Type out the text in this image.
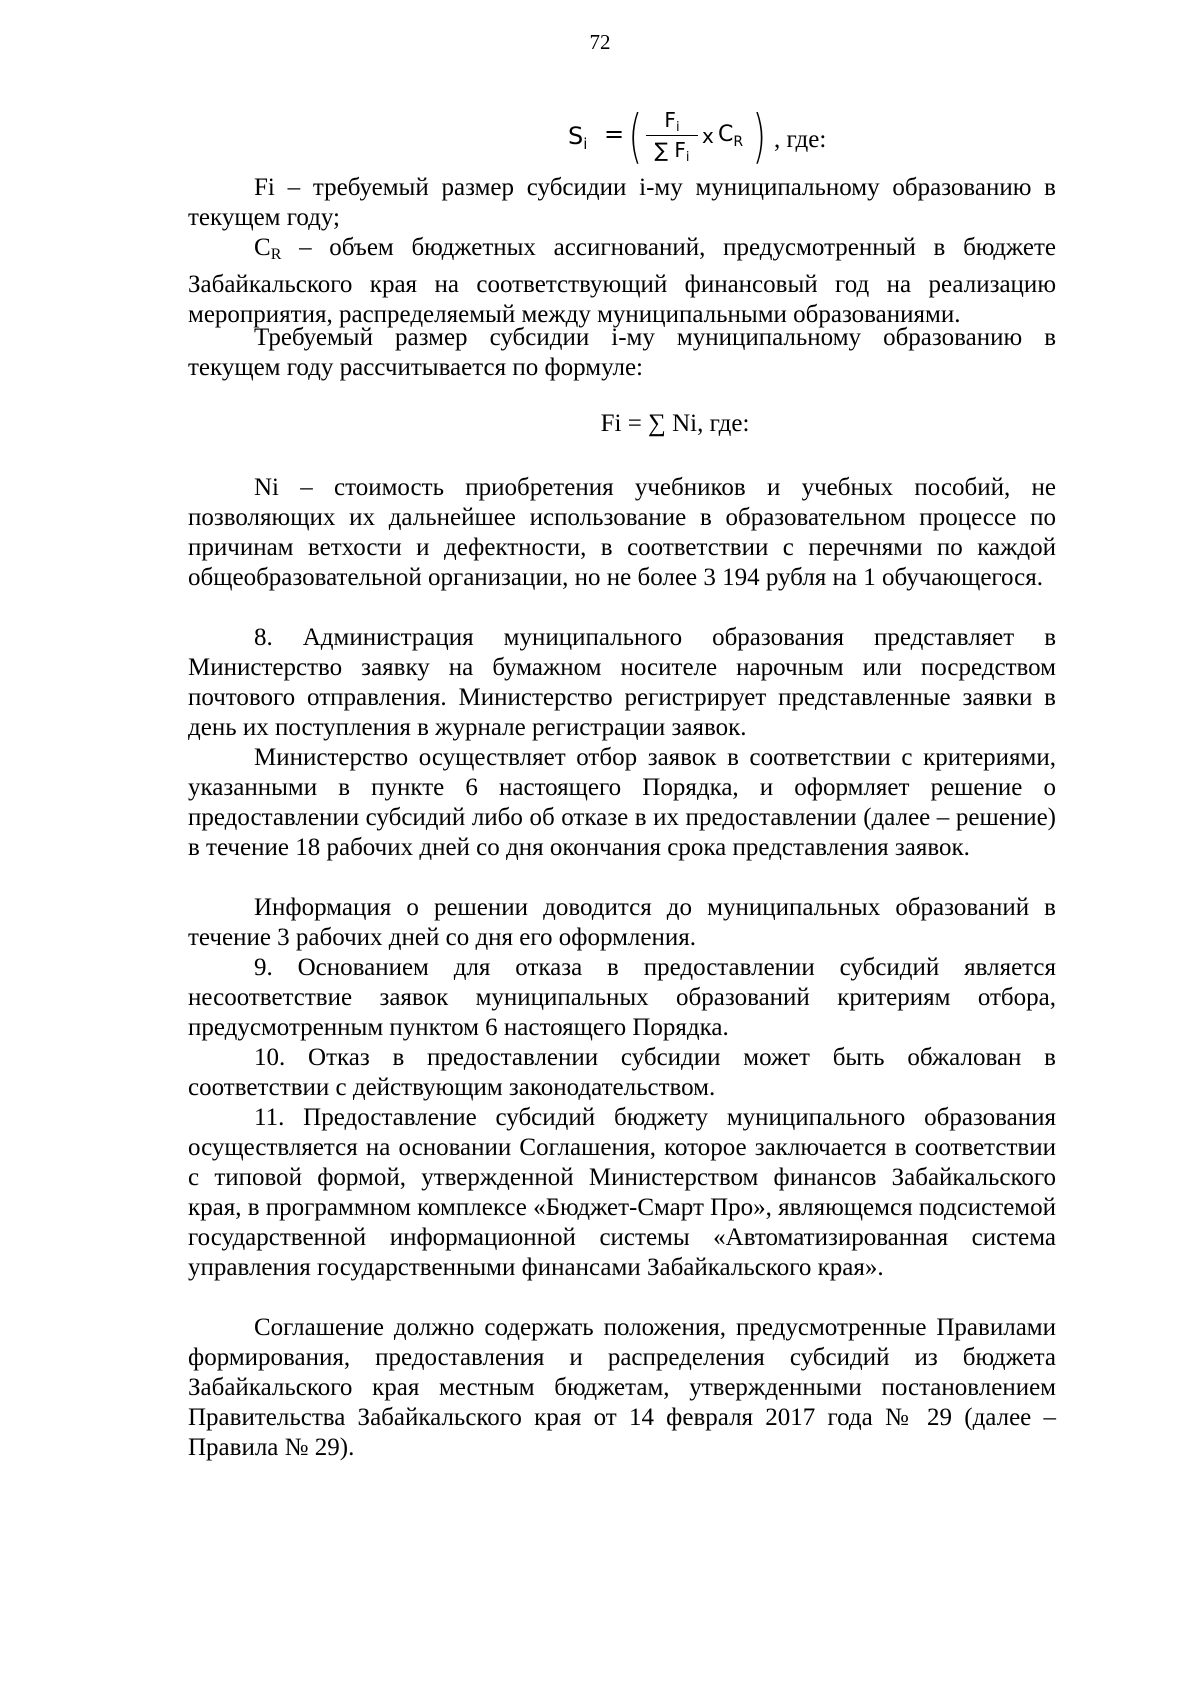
72
$S_i$ = (	$F_i$
∑ $F_i$
x $C_R$ ) , где:

Fi – требуемый размер субсидии i-му муниципальному образованию в текущем году;

CR – объем бюджетных ассигнований, предусмотренный в бюджете Забайкальского края на соответствующий финансовый год на реализацию мероприятия, распределяемый между муниципальными образованиями.

Требуемый размер субсидии i-му муниципальному образованию в текущем году рассчитывается по формуле:

Fi = ∑ Ni, где:

Ni – стоимость приобретения учебников и учебных пособий, не позволяющих их дальнейшее использование в образовательном процессе по причинам ветхости и дефектности, в соответствии с перечнями по каждой общеобразовательной организации, но не более 3 194 рубля на 1 обучающегося.

8. Администрация муниципального образования представляет в Министерство заявку на бумажном носителе нарочным или посредством почтового отправления. Министерство регистрирует представленные заявки в день их поступления в журнале регистрации заявок.

Министерство осуществляет отбор заявок в соответствии с критериями, указанными в пункте 6 настоящего Порядка, и оформляет решение о предоставлении субсидий либо об отказе в их предоставлении (далее – решение) в течение 18 рабочих дней со дня окончания срока представления заявок.

Информация о решении доводится до муниципальных образований в течение 3 рабочих дней со дня его оформления.

9. Основанием для отказа в предоставлении субсидий является несоответствие заявок муниципальных образований критериям отбора, предусмотренным пунктом 6 настоящего Порядка.

10. Отказ в предоставлении субсидии может быть обжалован в соответствии с действующим законодательством.

11. Предоставление субсидий бюджету муниципального образования осуществляется на основании Соглашения, которое заключается в соответствии с типовой формой, утвержденной Министерством финансов Забайкальского края, в программном комплексе «Бюджет-Смарт Про», являющемся подсистемой государственной информационной системы «Автоматизированная система управления государственными финансами Забайкальского края».

Соглашение должно содержать положения, предусмотренные Правилами формирования, предоставления и распределения субсидий из бюджета Забайкальского края местным бюджетам, утвержденными постановлением Правительства Забайкальского края от 14 февраля 2017 года № 29 (далее – Правила № 29).
